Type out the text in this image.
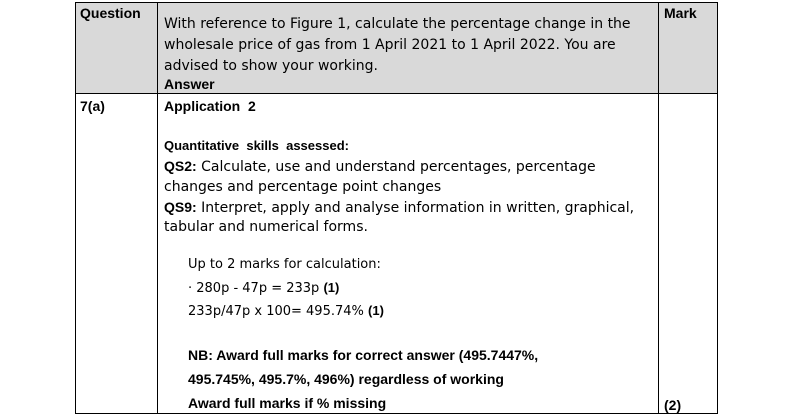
Question
With reference to Figure 1, calculate the percentage change in the
wholesale price of gas from 1 April 2021 to 1 April 2022. You are
advised to show your working.
Answer
Mark
7(a)	Application  2
Quantitative  skills  assessed:
QS2: Calculate, use and understand percentages, percentage
changes and percentage point changes
QS9: Interpret, apply and analyse information in written, graphical,
tabular and numerical forms.
Up to 2 marks for calculation:
· 280p - 47p = 233p (1)
233p/47p x 100= 495.74% (1)
NB: Award full marks for correct answer (495.7447%,
495.745%, 495.7%, 496%) regardless of working
Award full marks if % missing	(2)
